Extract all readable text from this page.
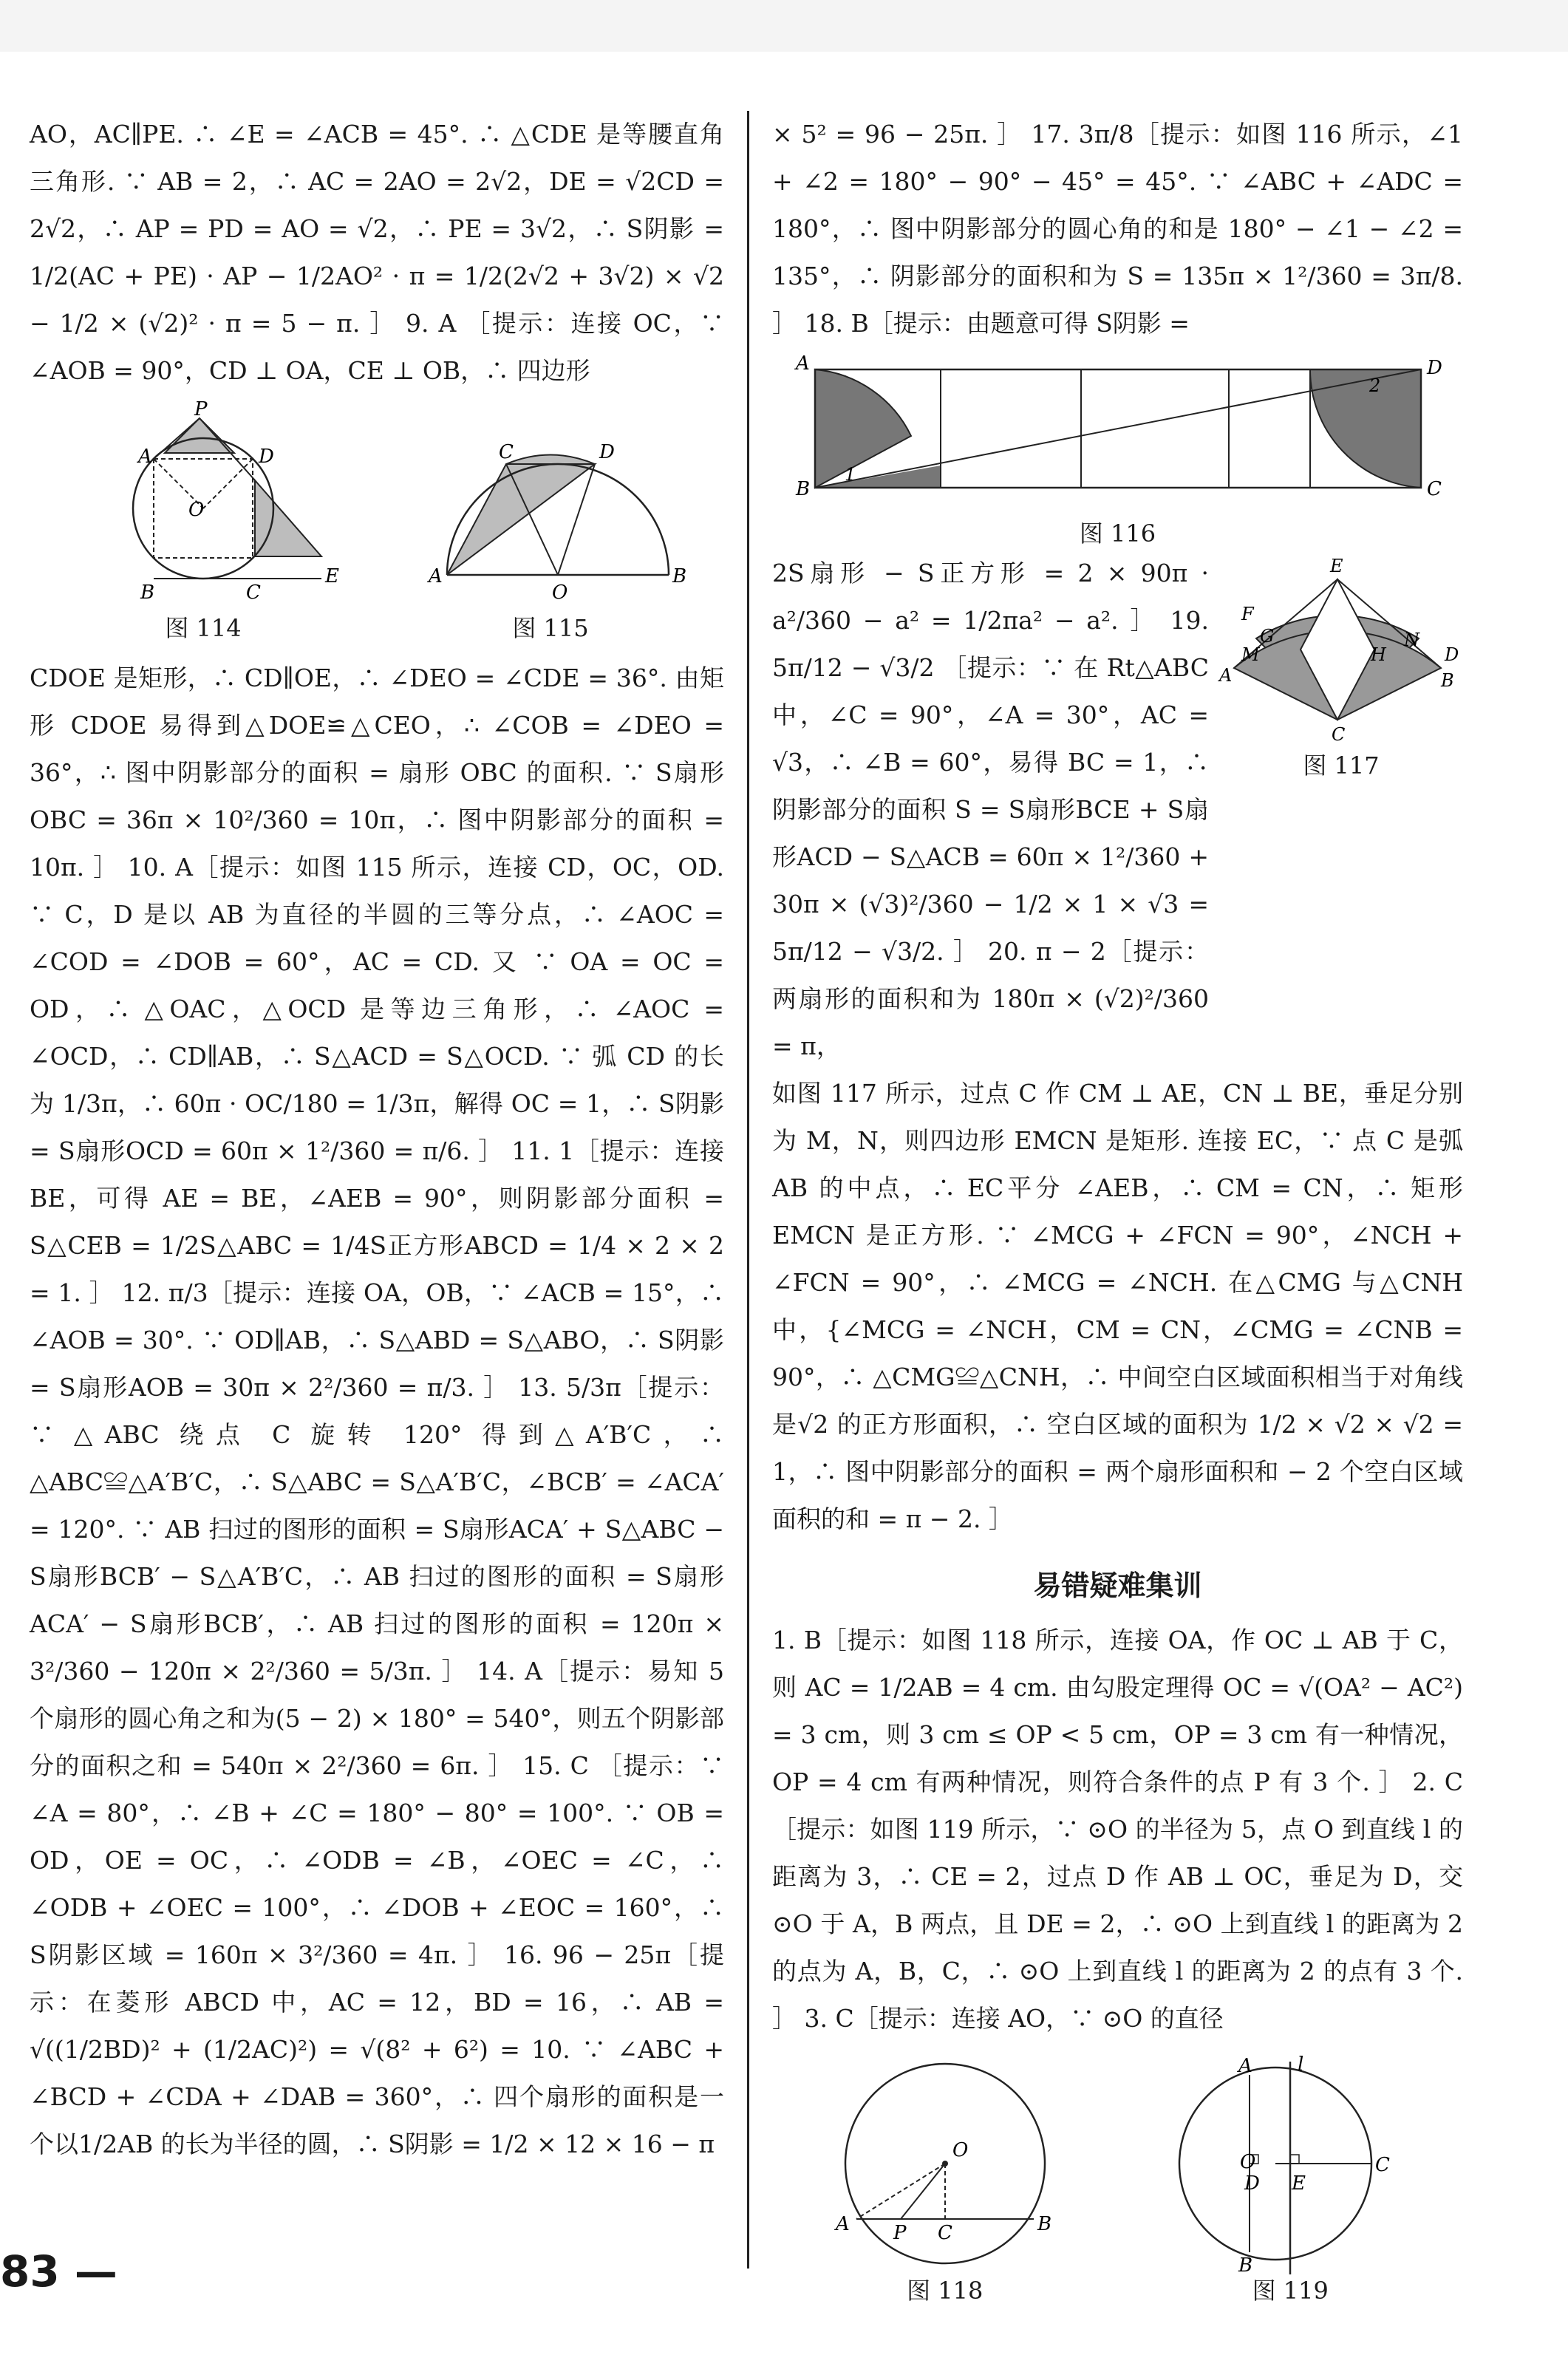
AO，AC∥PE. ∴ ∠E = ∠ACB = 45°. ∴ △CDE 是等腰直角三角形. ∵ AB = 2，∴ AC = 2AO = 2√2，DE = √2CD = 2√2，∴ AP = PD = AO = √2，∴ PE = 3√2，∴ S阴影 = 1/2(AC + PE) · AP − 1/2AO² · π = 1/2(2√2 + 3√2) × √2 − 1/2 × (√2)² · π = 5 − π. ］ 9. A ［提示：连接 OC，∵ ∠AOB = 90°，CD ⊥ OA，CE ⊥ OB，∴ 四边形

P
A	D
O
B	C
E
图 114
C	D
A	B
O
图 115

CDOE 是矩形，∴ CD∥OE，∴ ∠DEO = ∠CDE = 36°. 由矩形 CDOE 易得到△DOE≌△CEO，∴ ∠COB = ∠DEO = 36°，∴ 图中阴影部分的面积 = 扇形 OBC 的面积. ∵ S扇形OBC = 36π × 10²/360 = 10π，∴ 图中阴影部分的面积 = 10π. ］ 10. A［提示：如图 115 所示，连接 CD，OC，OD. ∵ C，D 是以 AB 为直径的半圆的三等分点，∴ ∠AOC = ∠COD = ∠DOB = 60°，AC = CD. 又 ∵ OA = OC = OD，∴ △OAC，△OCD 是等边三角形，∴ ∠AOC = ∠OCD，∴ CD∥AB，∴ S△ACD = S△OCD. ∵ 弧 CD 的长为 1/3π，∴ 60π · OC/180 = 1/3π，解得 OC = 1，∴ S阴影 = S扇形OCD = 60π × 1²/360 = π/6. ］ 11. 1［提示：连接 BE，可得 AE = BE，∠AEB = 90°，则阴影部分面积 = S△CEB = 1/2S△ABC = 1/4S正方形ABCD = 1/4 × 2 × 2 = 1. ］ 12. π/3［提示：连接 OA，OB，∵ ∠ACB = 15°，∴ ∠AOB = 30°. ∵ OD∥AB，∴ S△ABD = S△ABO，∴ S阴影 = S扇形AOB = 30π × 2²/360 = π/3. ］ 13. 5/3π［提示：∵ △ABC 绕点 C 旋转 120° 得到△A′B′C，∴ △ABC≌△A′B′C，∴ S△ABC = S△A′B′C，∠BCB′ = ∠ACA′ = 120°. ∵ AB 扫过的图形的面积 = S扇形ACA′ + S△ABC − S扇形BCB′ − S△A′B′C，∴ AB 扫过的图形的面积 = S扇形ACA′ − S扇形BCB′，∴ AB 扫过的图形的面积 = 120π × 3²/360 − 120π × 2²/360 = 5/3π. ］ 14. A［提示：易知 5 个扇形的圆心角之和为(5 − 2) × 180° = 540°，则五个阴影部分的面积之和 = 540π × 2²/360 = 6π. ］ 15. C ［提示：∵ ∠A = 80°，∴ ∠B + ∠C = 180° − 80° = 100°. ∵ OB = OD，OE = OC，∴ ∠ODB = ∠B，∠OEC = ∠C，∴ ∠ODB + ∠OEC = 100°，∴ ∠DOB + ∠EOC = 160°，∴ S阴影区域 = 160π × 3²/360 = 4π. ］ 16. 96 − 25π［提示：在菱形 ABCD 中，AC = 12，BD = 16，∴ AB = √((1/2BD)² + (1/2AC)²) = √(8² + 6²) = 10. ∵ ∠ABC + ∠BCD + ∠CDA + ∠DAB = 360°，∴ 四个扇形的面积是一个以1/2AB 的长为半径的圆，∴ S阴影 = 1/2 × 12 × 16 − π

× 5² = 96 − 25π. ］ 17. 3π/8［提示：如图 116 所示，∠1 + ∠2 = 180° − 90° − 45° = 45°. ∵ ∠ABC + ∠ADC = 180°，∴ 图中阴影部分的圆心角的和是 180° − ∠1 − ∠2 = 135°，∴ 阴影部分的面积和为 S = 135π × 1²/360 = 3π/8. ］ 18. B［提示：由题意可得 S阴影 =

A
B
D
C
1
2
图 116

2S扇形 − S正方形 = 2 × 90π · a²/360 − a² = 1/2πa² − a². ］ 19. 5π/12 − √3/2 ［提示：∵ 在 Rt△ABC 中，∠C = 90°，∠A = 30°，AC = √3，∴ ∠B = 60°，易得 BC = 1，∴ 阴影部分的面积 S = S扇形BCE + S扇形ACD − S△ACB = 60π × 1²/360 + 30π × (√3)²/360 − 1/2 × 1 × √3 = 5π/12 − √3/2. ］ 20. π − 2［提示：两扇形的面积和为 180π × (√2)²/360 = π，

E
F
M
G
H
N
D
A	B
C
图 117

如图 117 所示，过点 C 作 CM ⊥ AE，CN ⊥ BE，垂足分别为 M，N，则四边形 EMCN 是矩形. 连接 EC，∵ 点 C 是弧AB 的中点，∴ EC平分 ∠AEB，∴ CM = CN，∴ 矩形 EMCN 是正方形. ∵ ∠MCG + ∠FCN = 90°，∠NCH + ∠FCN = 90°，∴ ∠MCG = ∠NCH. 在△CMG 与△CNH 中，{∠MCG = ∠NCH，CM = CN，∠CMG = ∠CNB = 90°，∴ △CMG≌△CNH，∴ 中间空白区域面积相当于对角线是√2 的正方形面积，∴ 空白区域的面积为 1/2 × √2 × √2 = 1，∴ 图中阴影部分的面积 = 两个扇形面积和 − 2 个空白区域面积的和 = π − 2. ］

易错疑难集训

1. B［提示：如图 118 所示，连接 OA，作 OC ⊥ AB 于 C，则 AC = 1/2AB = 4 cm. 由勾股定理得 OC = √(OA² − AC²) = 3 cm，则 3 cm ≤ OP < 5 cm，OP = 3 cm 有一种情况，OP = 4 cm 有两种情况，则符合条件的点 P 有 3 个. ］ 2. C［提示：如图 119 所示，∵ ⊙O 的半径为 5，点 O 到直线 l 的距离为 3，∴ CE = 2，过点 D 作 AB ⊥ OC，垂足为 D，交⊙O 于 A，B 两点，且 DE = 2，∴ ⊙O 上到直线 l 的距离为 2 的点为 A，B，C，∴ ⊙O 上到直线 l 的距离为 2 的点有 3 个. ］ 3. C［提示：连接 AO，∵ ⊙O 的直径

O
A P C	B
图 118
l
A
O
D E
C
B
图 119
83 —
